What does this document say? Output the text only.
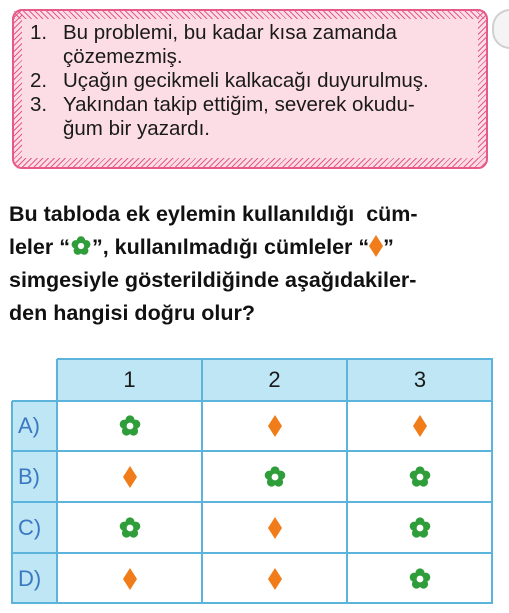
1. Bu problemi, bu kadar kısa zamanda
çözemezmiş.
2. Uçağın gecikmeli kalkacağı duyurulmuş.
3. Yakından takip ettiğim, severek okudu-
ğum bir yazardı.
Bu tabloda ek eylemin kullanıldığı  cüm-
leler “ ”, kullanılmadığı cümleler “ ”
simgesiyle gösterildiğinde aşağıdakiler-
den hangisi doğru olur?
1	2	3
A)
B)
C)
D)
